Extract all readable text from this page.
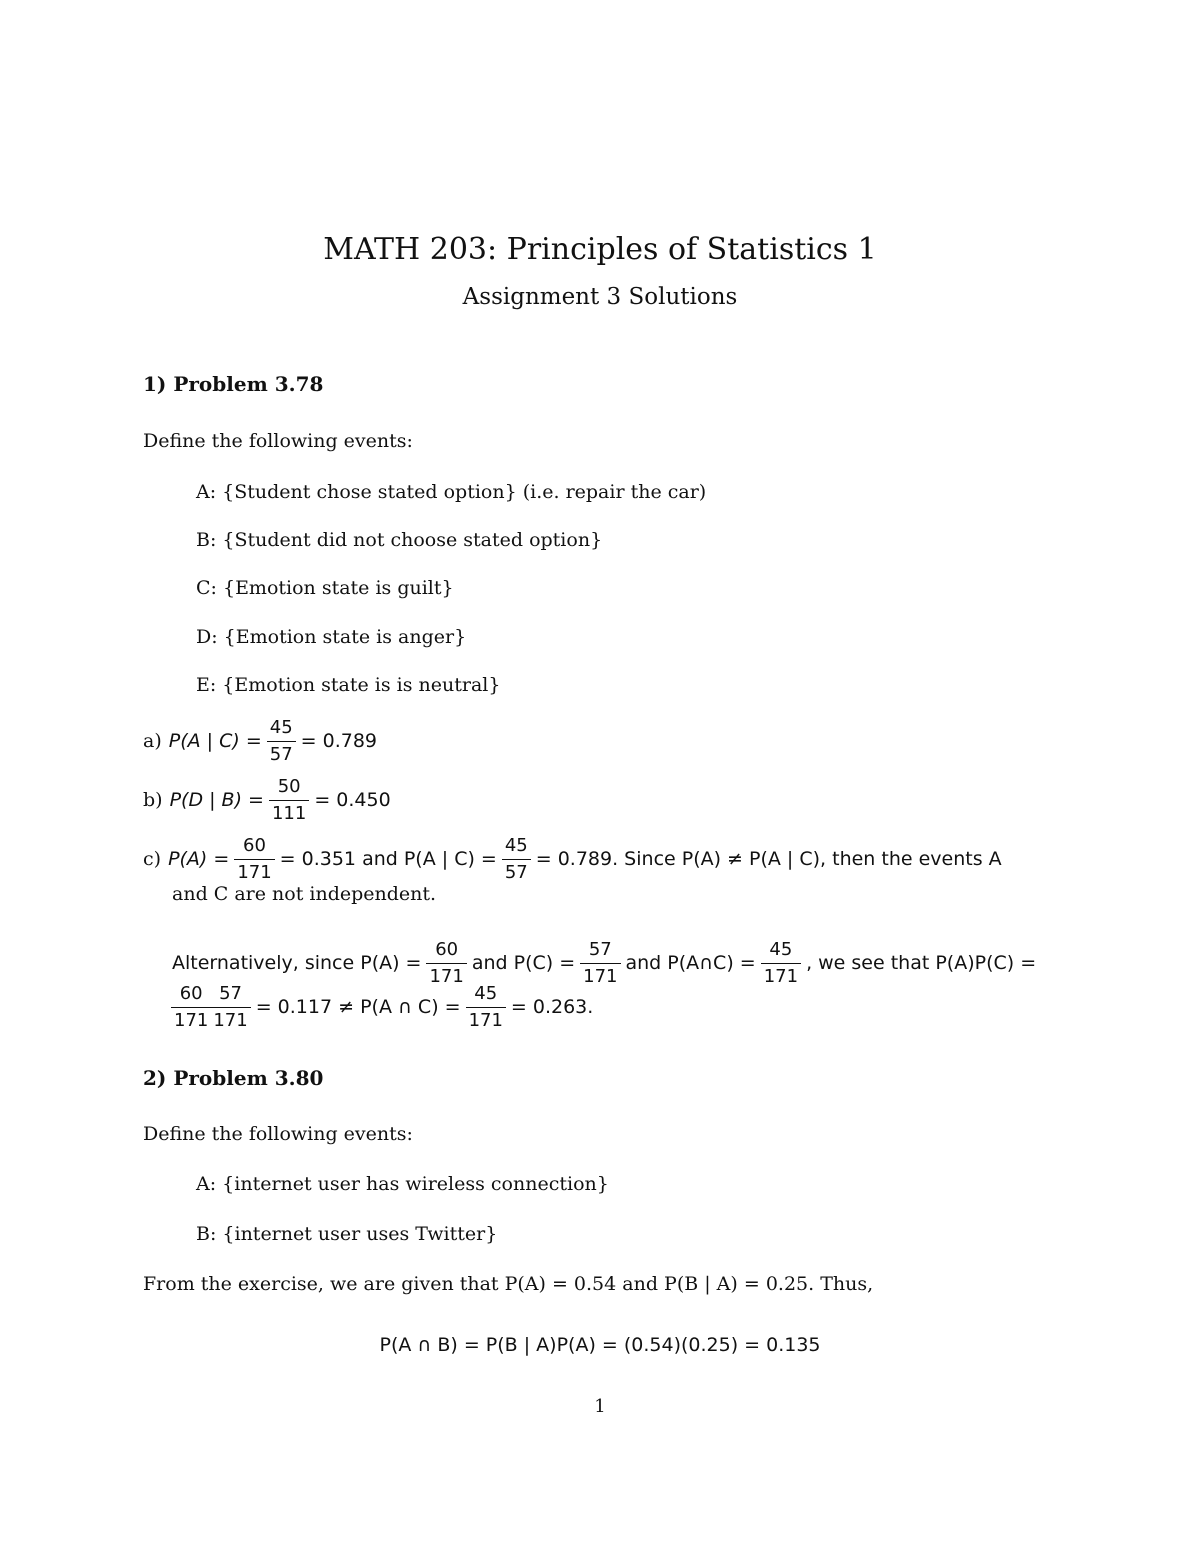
MATH 203: Principles of Statistics 1
Assignment 3 Solutions
1) Problem 3.78
Define the following events:
A: {Student chose stated option} (i.e. repair the car)
B: {Student did not choose stated option}
C: {Emotion state is guilt}
D: {Emotion state is anger}
E: {Emotion state is is neutral}
a) P(A | $C) = \frac{45}{57} = 0.789$
b) P(D | $B) = \frac{50}{111} = 0.450$
c) $P(A) = \frac{60}{171} = 0.351$ and P(A | $C) = \frac{45}{57} = 0.789$. Since P(A) ≠ P(A | C), then the events A
and C are not independent.
Alternatively, since $P(A) = \frac{60}{171}$ and $P(C) = \frac{57}{171}$ and P(A∩C) = $\frac{45}{171}$ , we see that P(A)P(C) =
$\frac{60}{171} \frac{57}{171} = 0.117 \ne P(A$ ∩ $C) = \frac{45}{171} = 0.263$.
2) Problem 3.80
Define the following events:
A: {internet user has wireless connection}
B: {internet user uses Twitter}
From the exercise, we are given that P(A) = 0.54 and P(B | A) = 0.25. Thus,
P(A ∩ B) = P(B | A)P(A) = (0.54)(0.25) = 0.135
1
